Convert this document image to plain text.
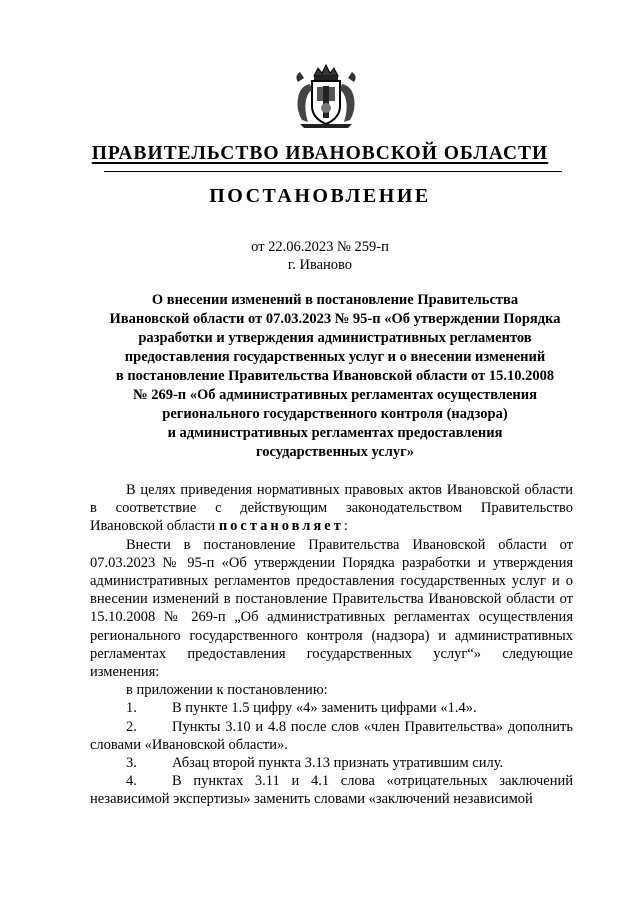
ПРАВИТЕЛЬСТВО ИВАНОВСКОЙ ОБЛАСТИ
ПОСТАНОВЛЕНИЕ
от 22.06.2023 № 259-п
г. Иваново
О внесении изменений в постановление Правительства
Ивановской области от 07.03.2023 № 95-п «Об утверждении Порядка
разработки и утверждения административных регламентов
предоставления государственных услуг и о внесении изменений
в постановление Правительства Ивановской области от 15.10.2008
№ 269-п «Об административных регламентах осуществления
регионального государственного контроля (надзора)
и административных регламентах предоставления
государственных услуг»

В целях приведения нормативных правовых актов Ивановской области в соответствие с действующим законодательством Правительство Ивановской области постановляет:

Внести в постановление Правительства Ивановской области от 07.03.2023 № 95-п «Об утверждении Порядка разработки и утверждения административных регламентов предоставления государственных услуг и о внесении изменений в постановление Правительства Ивановской области от 15.10.2008 № 269-п „Об административных регламентах осуществления регионального государственного контроля (надзора) и административных регламентах предоставления государственных услуг“» следующие изменения:

в приложении к постановлению:

1. В пункте 1.5 цифру «4» заменить цифрами «1.4».

2. Пункты 3.10 и 4.8 после слов «член Правительства» дополнить словами «Ивановской области».

3. Абзац второй пункта 3.13 признать утратившим силу.

4. В пунктах 3.11 и 4.1 слова «отрицательных заключений независимой экспертизы» заменить словами «заключений независимой
